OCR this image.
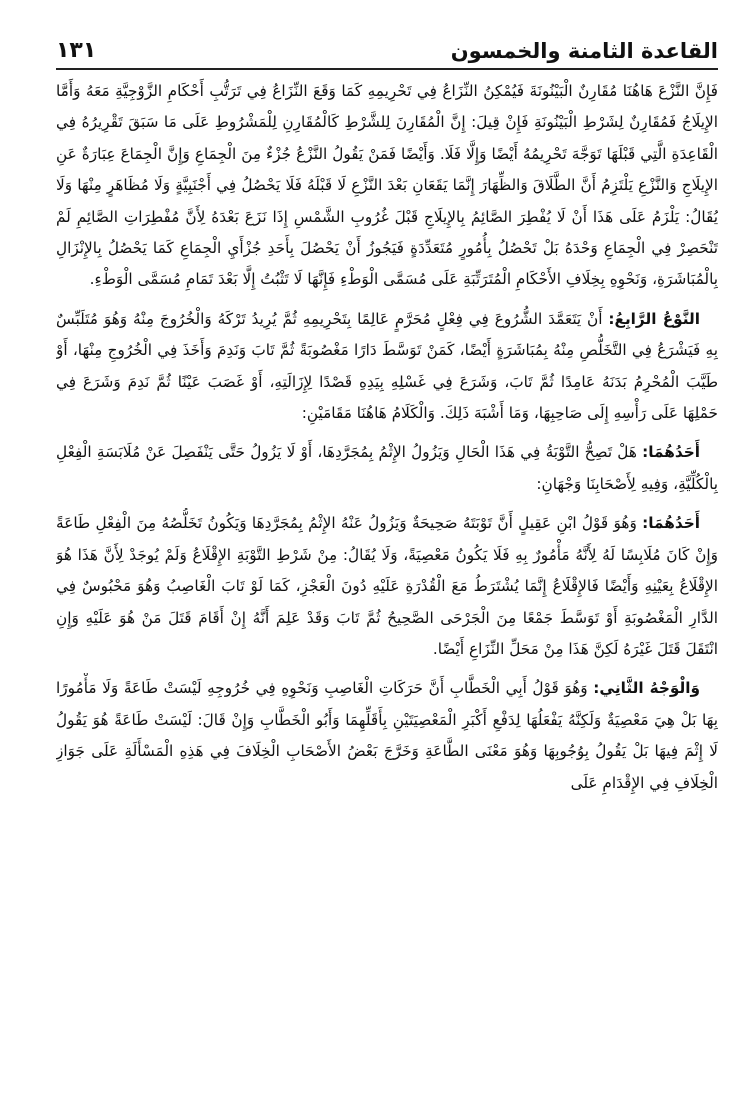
القاعدة الثامنة والخمسون
١٣١

فَإِنَّ النَّزْعَ هَاهُنَا مُقَارِنٌ الْبَيْنُونَةَ فَيُمْكِنُ النِّزَاعُ فِي تَحْرِيمِهِ كَمَا وَقَعَ النِّزَاعُ فِي تَرَتُّبِ أَحْكَامِ الزَّوْجِيَّةِ مَعَهُ وَأَمَّا الإِيلَاجُ فَمُقَارِنٌ لِشَرْطِ الْبَيْنُونَةِ فَإِنْ قِيلَ: إِنَّ الْمُقَارِنَ لِلشَّرْطِ كَالْمُقَارِنِ لِلْمَشْرُوطِ عَلَى مَا سَبَقَ تَقْرِيرُهُ فِي الْقَاعِدَةِ الَّتِي قَبْلَهَا تَوَجَّهَ تَحْرِيمُهُ أَيْضًا وَإِلَّا فَلَا. وَأَيْضًا فَمَنْ يَقُولُ النَّزْعُ جُزْءٌ مِنَ الْجِمَاعِ وَإِنَّ الْجِمَاعَ عِبَارَةٌ عَنِ الإِيلَاجِ وَالنَّزْعِ يَلْتَزِمُ أَنَّ الطَّلَاقَ وَالظِّهَارَ إِنَّمَا يَقَعَانِ بَعْدَ النَّزْعِ لَا قَبْلَهُ فَلَا يَحْصُلُ فِي أَجْنَبِيَّةٍ وَلَا مُظَاهَرٍ مِنْهَا وَلَا يُقَالُ: يَلْزَمُ عَلَى هَذَا أَنْ لَا يُفْطِرَ الصَّائِمُ بِالإِيلَاجِ قَبْلَ غُرُوبِ الشَّمْسِ إِذَا نَزَعَ بَعْدَهُ لِأَنَّ مُفْطِرَاتِ الصَّائِمِ لَمْ تَنْحَصِرْ فِي الْجِمَاعِ وَحْدَهُ بَلْ تَحْصُلُ بِأُمُورٍ مُتَعَدِّدَةٍ فَيَجُوزُ أَنْ يَحْصُلَ بِأَحَدِ جُزْأَيِ الْجِمَاعِ كَمَا يَحْصُلُ بِالإِنْزَالِ بِالْمُبَاشَرَةِ، وَنَحْوِهِ بِخِلَافِ الأَحْكَامِ الْمُتَرَتِّبَةِ عَلَى مُسَمَّى الْوَطْءِ فَإِنَّهَا لَا تَثْبُتُ إِلَّا بَعْدَ تَمَامِ مُسَمَّى الْوَطْءِ.

النَّوْعُ الرَّابِعُ: أَنْ يَتَعَمَّدَ الشُّرُوعَ فِي فِعْلٍ مُحَرَّمٍ عَالِمًا بِتَحْرِيمِهِ ثُمَّ يُرِيدُ تَرْكَهُ وَالْخُرُوجَ مِنْهُ وَهُوَ مُتَلَبِّسٌ بِهِ فَيَشْرَعُ فِي التَّخَلُّصِ مِنْهُ بِمُبَاشَرَةٍ أَيْضًا، كَمَنْ تَوَسَّطَ دَارًا مَغْصُوبَةً ثُمَّ تَابَ وَنَدِمَ وَأَخَذَ فِي الْخُرُوجِ مِنْهَا، أَوْ طَيَّبَ الْمُحْرِمُ بَدَنَهُ عَامِدًا ثُمَّ تَابَ، وَشَرَعَ فِي غَسْلِهِ بِيَدِهِ قَصْدًا لِإِزَالَتِهِ، أَوْ غَصَبَ عَيْنًا ثُمَّ نَدِمَ وَشَرَعَ فِي حَمْلِهَا عَلَى رَأْسِهِ إِلَى صَاحِبِهَا، وَمَا أَشْبَهَ ذَلِكَ. وَالْكَلَامُ هَاهُنَا مَقَامَيْنِ:

أَحَدُهُمَا: هَلْ تَصِحُّ التَّوْبَةُ فِي هَذَا الْحَالِ وَيَزُولُ الإِثْمُ بِمُجَرَّدِهَا، أَوْ لَا يَزُولُ حَتَّى يَنْفَصِلَ عَنْ مُلَابَسَةِ الْفِعْلِ بِالْكُلِّيَّةِ، وَفِيهِ لِأَصْحَابِنَا وَجْهَانِ:

أَحَدُهُمَا: وَهُوَ قَوْلُ ابْنِ عَقِيلٍ أَنَّ تَوْبَتَهُ صَحِيحَةٌ وَيَزُولُ عَنْهُ الإِثْمُ بِمُجَرَّدِهَا وَيَكُونُ تَخَلُّصُهُ مِنَ الْفِعْلِ طَاعَةً وَإِنْ كَانَ مُلَابِسًا لَهُ لِأَنَّهُ مَأْمُورٌ بِهِ فَلَا يَكُونُ مَعْصِيَةً، وَلَا يُقَالُ: مِنْ شَرْطِ التَّوْبَةِ الإِقْلَاعُ وَلَمْ يُوجَدْ لِأَنَّ هَذَا هُوَ الإِقْلَاعُ بِعَيْنِهِ وَأَيْضًا فَالإِقْلَاعُ إِنَّمَا يُشْتَرَطُ مَعَ الْقُدْرَةِ عَلَيْهِ دُونَ الْعَجْزِ، كَمَا لَوْ تَابَ الْغَاصِبُ وَهُوَ مَحْبُوسٌ فِي الدَّارِ الْمَغْصُوبَةِ أَوْ تَوَسَّطَ جَمْعًا مِنَ الْجَرْحَى الصَّحِيحُ ثُمَّ تَابَ وَقَدْ عَلِمَ أَنَّهُ إِنْ أَقَامَ قَتَلَ مَنْ هُوَ عَلَيْهِ وَإِنِ انْتَقَلَ قَتَلَ غَيْرَهُ لَكِنَّ هَذَا مِنْ مَحَلِّ النِّزَاعِ أَيْضًا.

وَالْوَجْهُ الثَّانِي: وَهُوَ قَوْلُ أَبِي الْخَطَّابِ أَنَّ حَرَكَاتِ الْغَاصِبِ وَنَحْوِهِ فِي خُرُوجِهِ لَيْسَتْ طَاعَةً وَلَا مَأْمُورًا بِهَا بَلْ هِيَ مَعْصِيَةٌ وَلَكِنَّهُ يَفْعَلُهَا لِدَفْعِ أَكْبَرِ الْمَعْصِيَتَيْنِ بِأَقَلِّهِمَا وَأَبُو الْخَطَّابِ وَإِنْ قَالَ: لَيْسَتْ طَاعَةً هُوَ يَقُولُ لَا إِثْمَ فِيهَا بَلْ يَقُولُ بِوُجُوبِهَا وَهُوَ مَعْنَى الطَّاعَةِ وَخَرَّجَ بَعْضُ الأَصْحَابِ الْخِلَافَ فِي هَذِهِ الْمَسْأَلَةِ عَلَى جَوَازِ الْخِلَافِ فِي الإِقْدَامِ عَلَى
